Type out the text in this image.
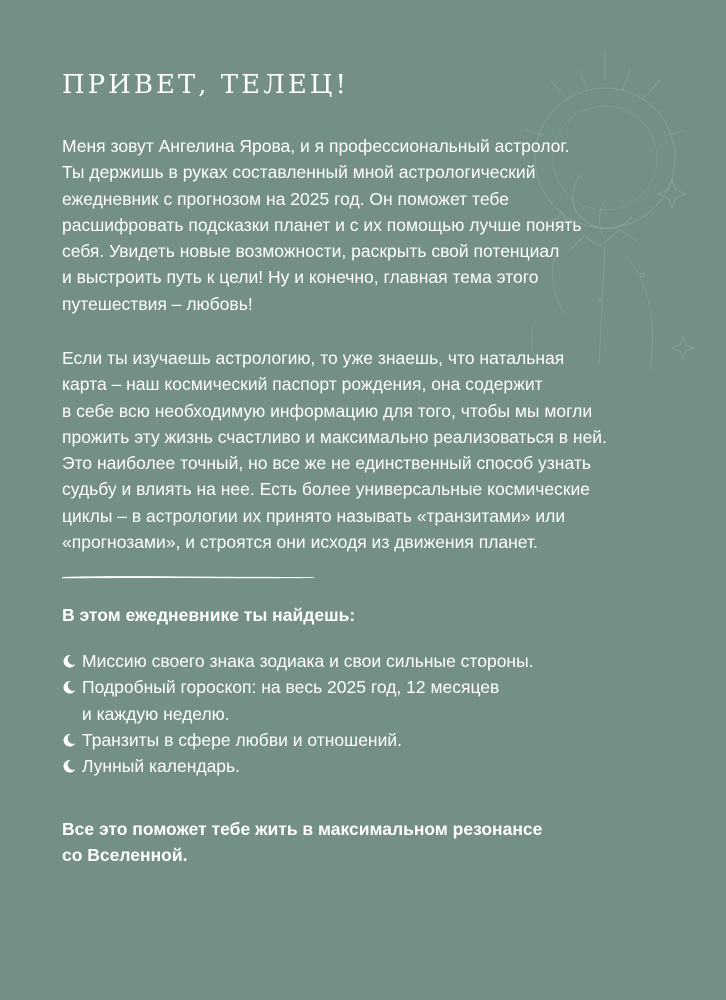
ПРИВЕТ, ТЕЛЕЦ!

Меня зовут Ангелина Ярова, и я профессиональный астролог.
Ты держишь в руках составленный мной астрологический
ежедневник с прогнозом на 2025 год. Он поможет тебе
расшифровать подсказки планет и с их помощью лучше понять
себя. Увидеть новые возможности, раскрыть свой потенциал
и выстроить путь к цели! Ну и конечно, главная тема этого
путешествия – любовь!

Если ты изучаешь астрологию, то уже знаешь, что натальная
карта – наш космический паспорт рождения, она содержит
в себе всю необходимую информацию для того, чтобы мы могли
прожить эту жизнь счастливо и максимально реализоваться в ней.
Это наиболее точный, но все же не единственный способ узнать
судьбу и влиять на нее. Есть более универсальные космические
циклы – в астрологии их принято называть «транзитами» или
«прогнозами», и строятся они исходя из движения планет.

В этом ежедневнике ты найдешь:

Миссию своего знака зодиака и свои сильные стороны.
Подробный гороскоп: на весь 2025 год, 12 месяцев
и каждую неделю.
Транзиты в сфере любви и отношений.
Лунный календарь.

Все это поможет тебе жить в максимальном резонансе
со Вселенной.
